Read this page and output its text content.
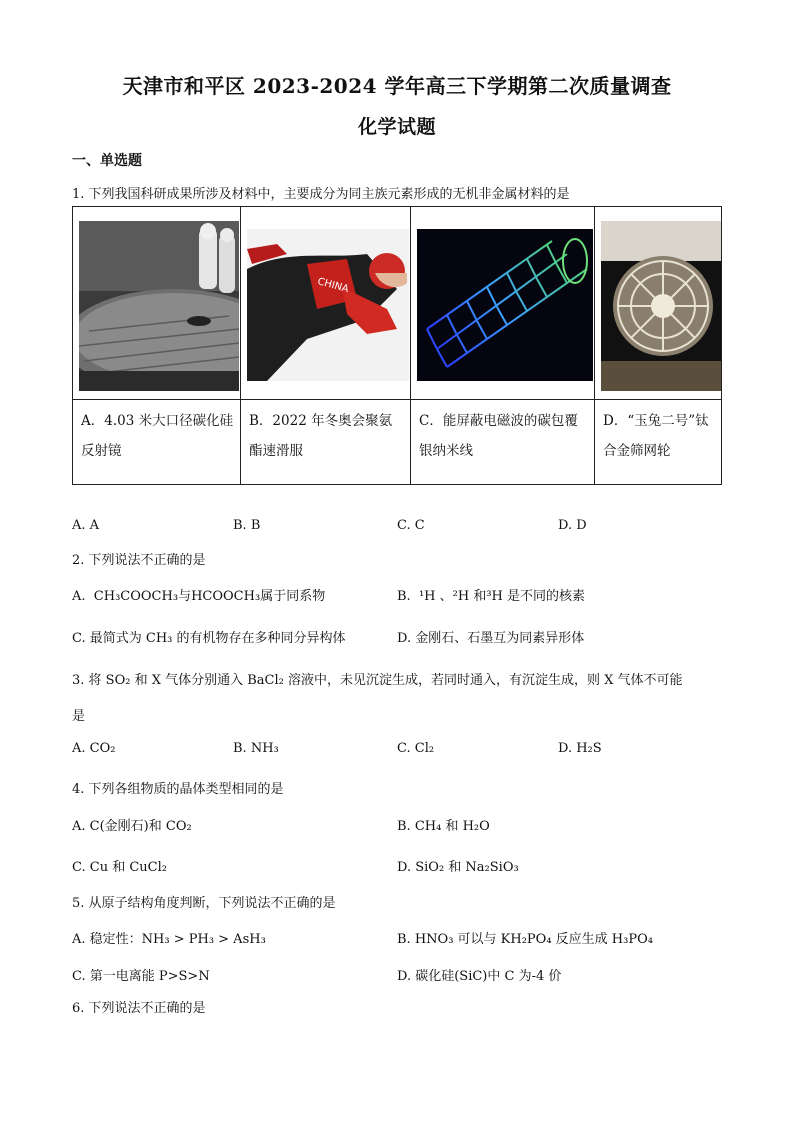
天津市和平区 2023-2024 学年高三下学期第二次质量调查
化学试题
一、单选题
1. 下列我国科研成果所涉及材料中，主要成分为同主族元素形成的无机非金属材料的是

CHINA

A．4.03 米大口径碳化硅反射镜	B．2022 年冬奥会聚氨酯速滑服	C．能屏蔽电磁波的碳包覆银纳米线	D．“玉兔二号”钛合金筛网轮
A. A	B. B	C. C	D. D
2. 下列说法不正确的是
A. CH₃COOCH₃与HCOOCH₃属于同系物	B. ¹H 、²H 和³H 是不同的核素
C. 最简式为 CH₃ 的有机物存在多种同分异构体	D. 金刚石、石墨互为同素异形体
3. 将 SO₂ 和 X 气体分别通入 BaCl₂ 溶液中，未见沉淀生成，若同时通入，有沉淀生成，则 X 气体不可能
是
A. CO₂	B. NH₃	C. Cl₂	D. H₂S
4. 下列各组物质的晶体类型相同的是
A. C(金刚石)和 CO₂	B. CH₄ 和 H₂O
C. Cu 和 CuCl₂	D. SiO₂ 和 Na₂SiO₃
5. 从原子结构角度判断，下列说法不正确的是
A. 稳定性：NH₃ > PH₃ > AsH₃	B. HNO₃ 可以与 KH₂PO₄ 反应生成 H₃PO₄
C. 第一电离能 P>S>N	D. 碳化硅(SiC)中 C 为-4 价
6. 下列说法不正确的是
